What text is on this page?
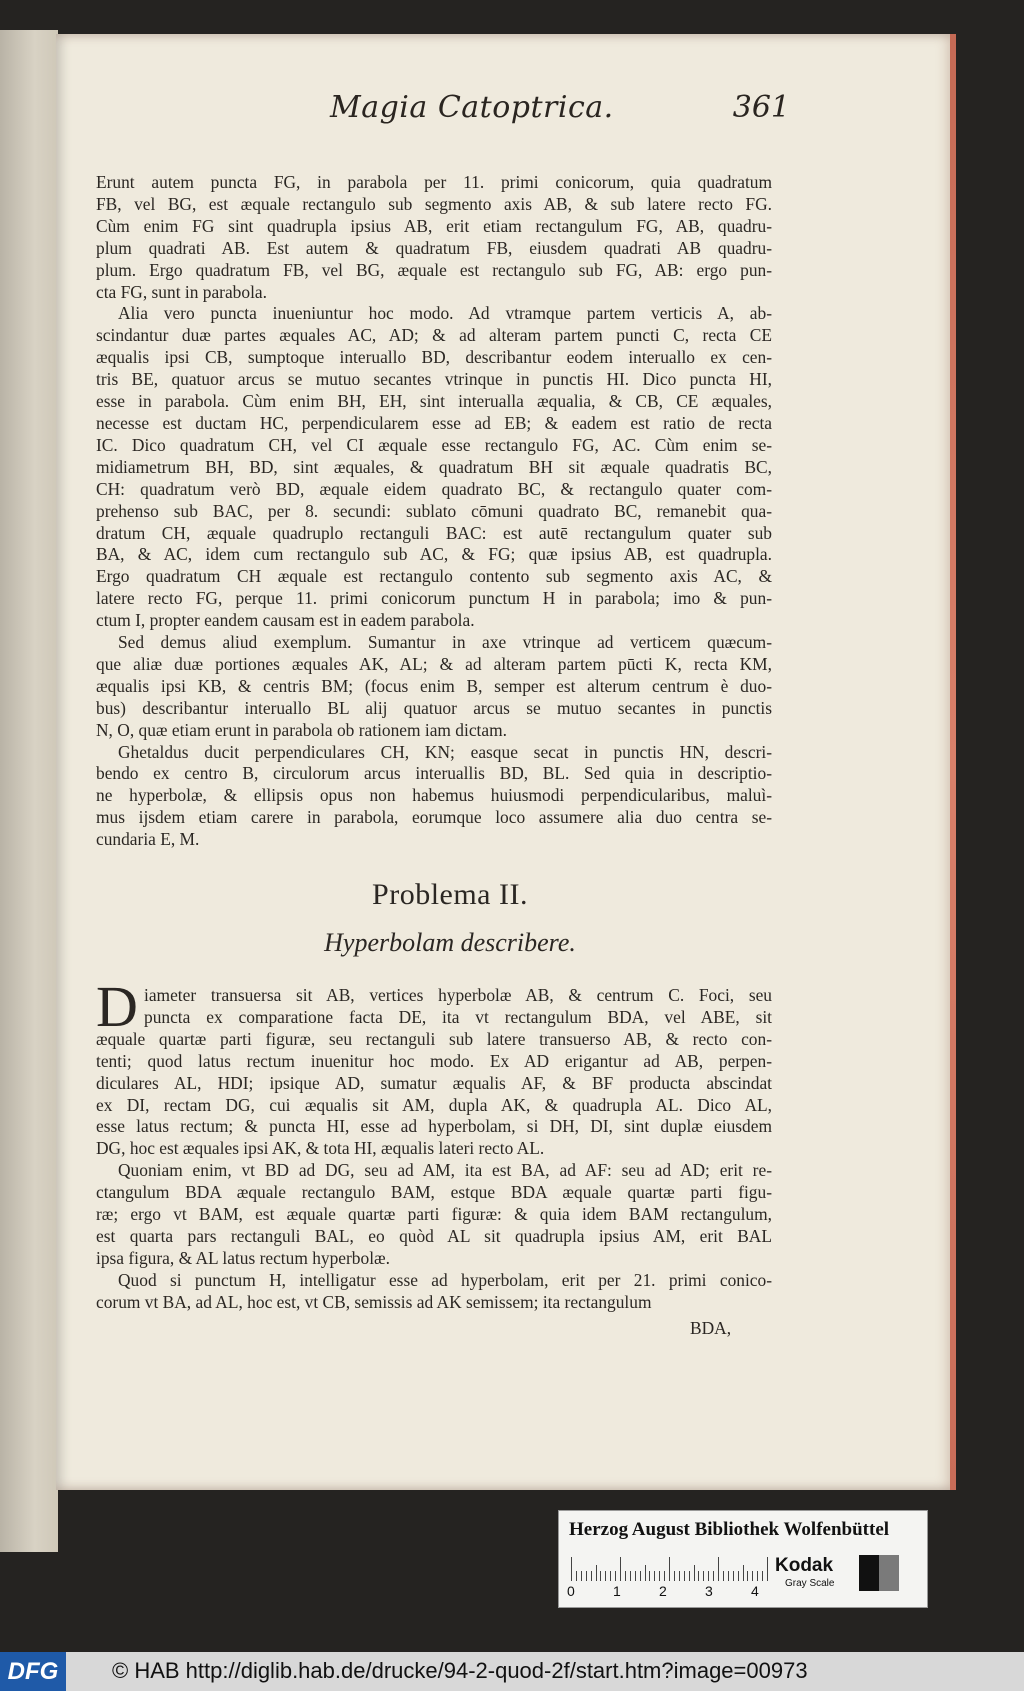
Magia Catoptrica.	361
Erunt autem puncta FG, in parabola per 11. primi conicorum, quia quadratum
FB, vel BG, est æquale rectangulo sub segmento axis AB, & sub latere recto FG.
Cùm enim FG sint quadrupla ipsius AB, erit etiam rectangulum FG, AB, quadru-
plum quadrati AB. Est autem & quadratum FB, eiusdem quadrati AB quadru-
plum. Ergo quadratum FB, vel BG, æquale est rectangulo sub FG, AB: ergo pun-
cta FG, sunt in parabola.
Alia vero puncta inueniuntur hoc modo. Ad vtramque partem verticis A, ab-
scindantur duæ partes æquales AC, AD; & ad alteram partem puncti C, recta CE
æqualis ipsi CB, sumptoque interuallo BD, describantur eodem interuallo ex cen-
tris BE, quatuor arcus se mutuo secantes vtrinque in punctis HI. Dico puncta HI,
esse in parabola. Cùm enim BH, EH, sint interualla æqualia, & CB, CE æquales,
necesse est ductam HC, perpendicularem esse ad EB; & eadem est ratio de recta
IC. Dico quadratum CH, vel CI æquale esse rectangulo FG, AC. Cùm enim se-
midiametrum BH, BD, sint æquales, & quadratum BH sit æquale quadratis BC,
CH: quadratum verò BD, æquale eidem quadrato BC, & rectangulo quater com-
prehenso sub BAC, per 8. secundi: sublato cōmuni quadrato BC, remanebit qua-
dratum CH, æquale quadruplo rectanguli BAC: est autē rectangulum quater sub
BA, & AC, idem cum rectangulo sub AC, & FG; quæ ipsius AB, est quadrupla.
Ergo quadratum CH æquale est rectangulo contento sub segmento axis AC, &
latere recto FG, perque 11. primi conicorum punctum H in parabola; imo & pun-
ctum I, propter eandem causam est in eadem parabola.
Sed demus aliud exemplum. Sumantur in axe vtrinque ad verticem quæcum-
que aliæ duæ portiones æquales AK, AL; & ad alteram partem pūcti K, recta KM,
æqualis ipsi KB, & centris BM; (focus enim B, semper est alterum centrum è duo-
bus) describantur interuallo BL alij quatuor arcus se mutuo secantes in punctis
N, O, quæ etiam erunt in parabola ob rationem iam dictam.
Ghetaldus ducit perpendiculares CH, KN; easque secat in punctis HN, descri-
bendo ex centro B, circulorum arcus interuallis BD, BL. Sed quia in descriptio-
ne hyperbolæ, & ellipsis opus non habemus huiusmodi perpendicularibus, maluì-
mus ijsdem etiam carere in parabola, eorumque loco assumere alia duo centra se-
cundaria E, M.
Problema II.
Hyperbolam describere.
D iameter transuersa sit AB, vertices hyperbolæ AB, & centrum C. Foci, seu
puncta ex comparatione facta DE, ita vt rectangulum BDA, vel ABE, sit
æquale quartæ parti figuræ, seu rectanguli sub latere transuerso AB, & recto con-
tenti; quod latus rectum inuenitur hoc modo. Ex AD erigantur ad AB, perpen-
diculares AL, HDI; ipsique AD, sumatur æqualis AF, & BF producta abscindat
ex DI, rectam DG, cui æqualis sit AM, dupla AK, & quadrupla AL. Dico AL,
esse latus rectum; & puncta HI, esse ad hyperbolam, si DH, DI, sint duplæ eiusdem
DG, hoc est æquales ipsi AK, & tota HI, æqualis lateri recto AL.
Quoniam enim, vt BD ad DG, seu ad AM, ita est BA, ad AF: seu ad AD; erit re-
ctangulum BDA æquale rectangulo BAM, estque BDA æquale quartæ parti figu-
ræ; ergo vt BAM, est æquale quartæ parti figuræ: & quia idem BAM rectangulum,
est quarta pars rectanguli BAL, eo quòd AL sit quadrupla ipsius AM, erit BAL
ipsa figura, & AL latus rectum hyperbolæ.
Quod si punctum H, intelligatur esse ad hyperbolam, erit per 21. primi conico-
corum vt BA, ad AL, hoc est, vt CB, semissis ad AK semissem; ita rectangulum
BDA,
Herzog August Bibliothek Wolfenbüttel
0	1	2	3	4
Kodak
Gray Scale
DFG	© HAB http://diglib.hab.de/drucke/94-2-quod-2f/start.htm?image=00973
